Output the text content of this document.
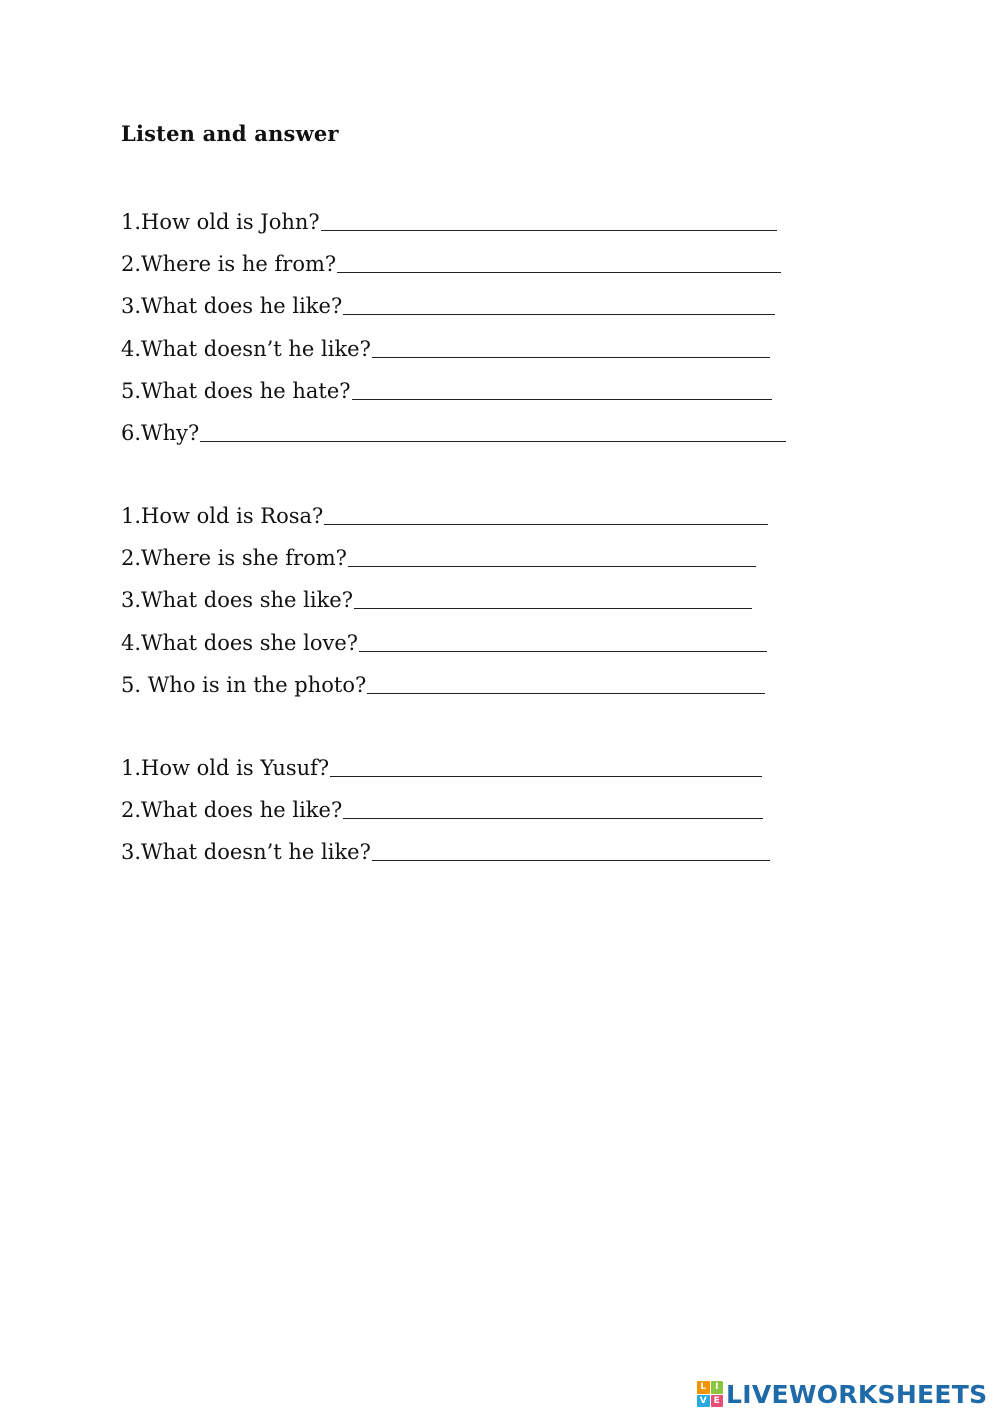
Listen and answer
1.How old is John?
2.Where is he from?
3.What does he like?
4.What doesn’t he like?
5.What does he hate?
6.Why?
1.How old is Rosa?
2.Where is she from?
3.What does she like?
4.What does she love?
5. Who is in the photo?
1.How old is Yusuf?
2.What does he like?
3.What doesn’t he like?
L I
V E LIVEWORKSHEETS
